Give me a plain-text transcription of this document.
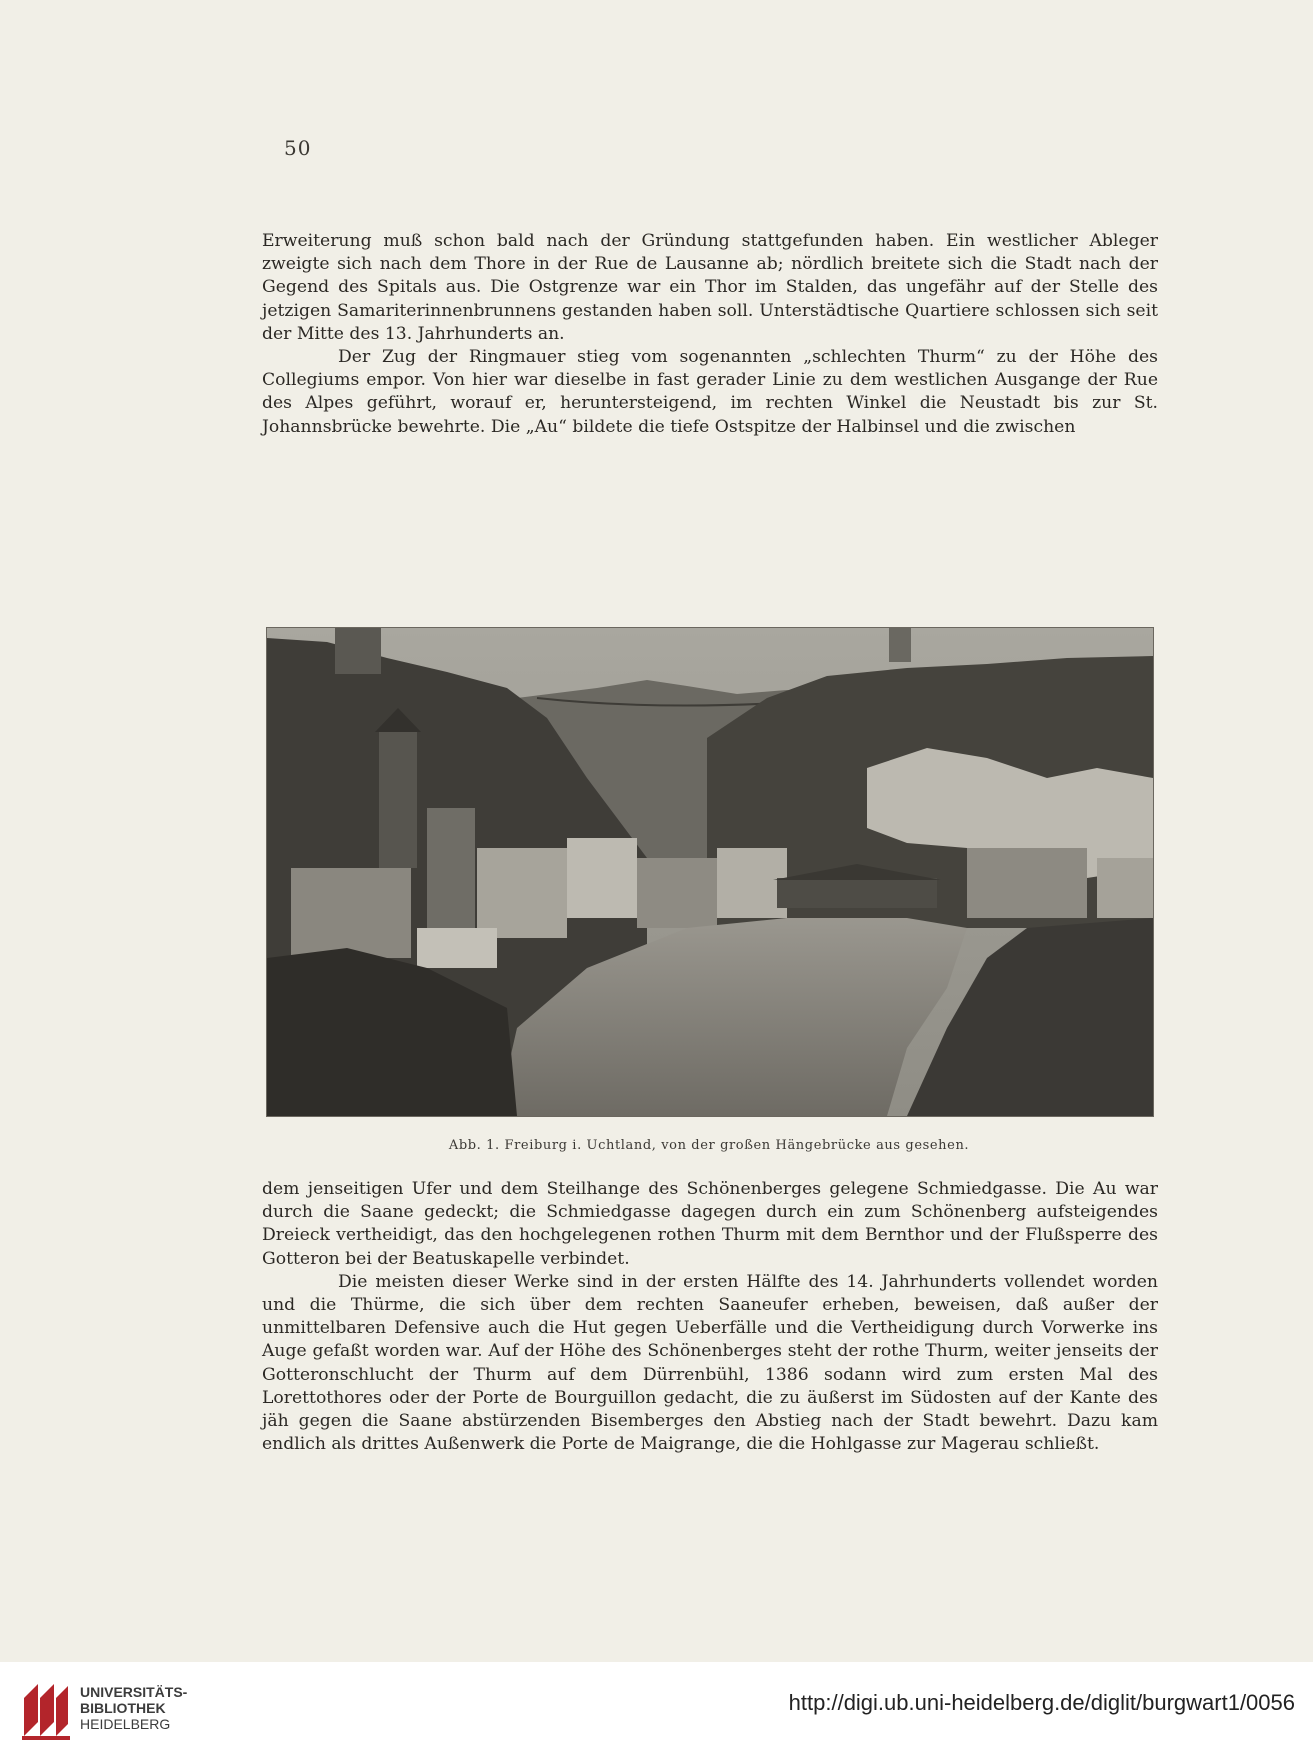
50

Erweiterung muß schon bald nach der Gründung stattgefunden haben. Ein westlicher Ableger zweigte sich nach dem Thore in der Rue de Lausanne ab; nördlich breitete sich die Stadt nach der Gegend des Spitals aus. Die Ostgrenze war ein Thor im Stalden, das ungefähr auf der Stelle des jetzigen Samariterinnenbrunnens gestanden haben soll. Unterstädtische Quartiere schlossen sich seit der Mitte des 13. Jahrhunderts an.

Der Zug der Ringmauer stieg vom sogenannten „schlechten Thurm“ zu der Höhe des Collegiums empor. Von hier war dieselbe in fast gerader Linie zu dem westlichen Ausgange der Rue des Alpes geführt, worauf er, heruntersteigend, im rechten Winkel die Neustadt bis zur St. Johannsbrücke bewehrte. Die „Au“ bildete die tiefe Ostspitze der Halbinsel und die zwischen

Abb. 1. Freiburg i. Uchtland, von der großen Hängebrücke aus gesehen.

dem jenseitigen Ufer und dem Steilhange des Schönenberges gelegene Schmiedgasse. Die Au war durch die Saane gedeckt; die Schmiedgasse dagegen durch ein zum Schönenberg aufsteigendes Dreieck vertheidigt, das den hochgelegenen rothen Thurm mit dem Bernthor und der Flußsperre des Gotteron bei der Beatuskapelle verbindet.

Die meisten dieser Werke sind in der ersten Hälfte des 14. Jahrhunderts vollendet worden und die Thürme, die sich über dem rechten Saaneufer erheben, beweisen, daß außer der unmittelbaren Defensive auch die Hut gegen Ueberfälle und die Vertheidigung durch Vorwerke ins Auge gefaßt worden war. Auf der Höhe des Schönenberges steht der rothe Thurm, weiter jenseits der Gotteronschlucht der Thurm auf dem Dürrenbühl, 1386 sodann wird zum ersten Mal des Lorettothores oder der Porte de Bourguillon gedacht, die zu äußerst im Südosten auf der Kante des jäh gegen die Saane abstürzenden Bisemberges den Abstieg nach der Stadt bewehrt. Dazu kam endlich als drittes Außenwerk die Porte de Maigrange, die die Hohlgasse zur Magerau schließt.

UNIVERSITÄTS-
BIBLIOTHEK
HEIDELBERG
http://digi.ub.uni-heidelberg.de/diglit/burgwart1/0056
